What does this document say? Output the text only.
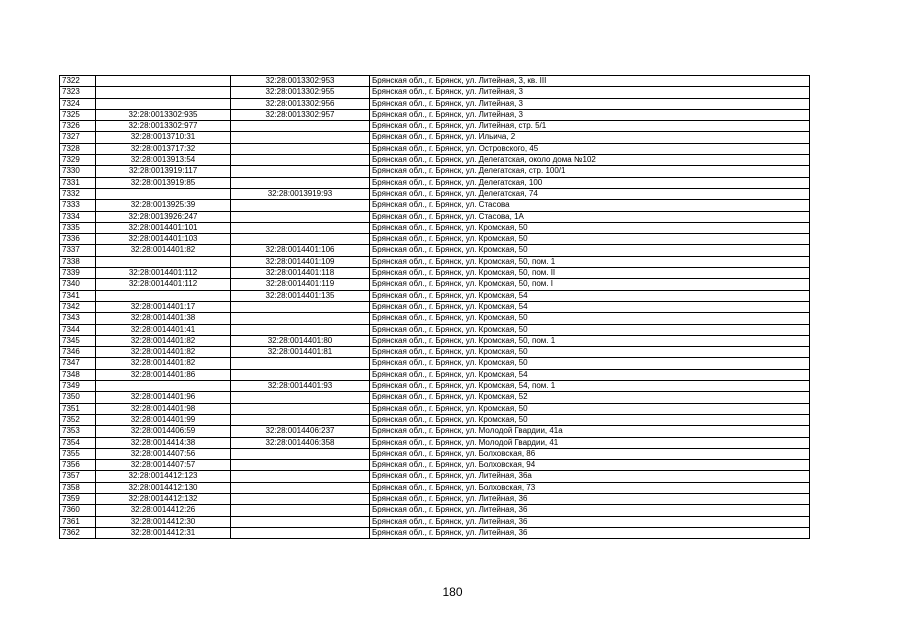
7322		32:28:0013302:953	Брянская обл., г. Брянск, ул. Литейная, 3, кв. III
7323		32:28:0013302:955	Брянская обл., г. Брянск, ул. Литейная, 3
7324		32:28:0013302:956	Брянская обл., г. Брянск, ул. Литейная, 3
7325	32:28:0013302:935	32:28:0013302:957	Брянская обл., г. Брянск, ул. Литейная, 3
7326	32:28:0013302:977		Брянская обл., г. Брянск, ул. Литейная, стр. 5/1
7327	32:28:0013710:31		Брянская обл., г. Брянск, ул. Ильича, 2
7328	32:28:0013717:32		Брянская обл., г. Брянск, ул. Островского, 45
7329	32:28:0013913:54		Брянская обл., г. Брянск, ул. Делегатская, около дома №102
7330	32:28:0013919:117		Брянская обл., г. Брянск, ул. Делегатская, стр. 100/1
7331	32:28:0013919:85		Брянская обл., г. Брянск, ул. Делегатская, 100
7332		32:28:0013919:93	Брянская обл., г. Брянск, ул. Делегатская, 74
7333	32:28:0013925:39		Брянская обл., г. Брянск, ул. Стасова
7334	32:28:0013926:247		Брянская обл., г. Брянск, ул. Стасова, 1А
7335	32:28:0014401:101		Брянская обл., г. Брянск, ул. Кромская, 50
7336	32:28:0014401:103		Брянская обл., г. Брянск, ул. Кромская, 50
7337	32:28:0014401:82	32:28:0014401:106	Брянская обл., г. Брянск, ул. Кромская, 50
7338		32:28:0014401:109	Брянская обл., г. Брянск, ул. Кромская, 50, пом. 1
7339	32:28:0014401:112	32:28:0014401:118	Брянская обл., г. Брянск, ул. Кромская, 50, пом. II
7340	32:28:0014401:112	32:28:0014401:119	Брянская обл., г. Брянск, ул. Кромская, 50, пом. I
7341		32:28:0014401:135	Брянская обл., г. Брянск, ул. Кромская, 54
7342	32:28:0014401:17		Брянская обл., г. Брянск, ул. Кромская, 54
7343	32:28:0014401:38		Брянская обл., г. Брянск, ул. Кромская, 50
7344	32:28:0014401:41		Брянская обл., г. Брянск, ул. Кромская, 50
7345	32:28:0014401:82	32:28:0014401:80	Брянская обл., г. Брянск, ул. Кромская, 50, пом. 1
7346	32:28:0014401:82	32:28:0014401:81	Брянская обл., г. Брянск, ул. Кромская, 50
7347	32:28:0014401:82		Брянская обл., г. Брянск, ул. Кромская, 50
7348	32:28:0014401:86		Брянская обл., г. Брянск, ул. Кромская, 54
7349		32:28:0014401:93	Брянская обл., г. Брянск, ул. Кромская, 54, пом. 1
7350	32:28:0014401:96		Брянская обл., г. Брянск, ул. Кромская, 52
7351	32:28:0014401:98		Брянская обл., г. Брянск, ул. Кромская, 50
7352	32:28:0014401:99		Брянская обл., г. Брянск, ул. Кромская, 50
7353	32:28:0014406:59	32:28:0014406:237	Брянская обл., г. Брянск, ул. Молодой Гвардии, 41а
7354	32:28:0014414:38	32:28:0014406:358	Брянская обл., г. Брянск, ул. Молодой Гвардии, 41
7355	32:28:0014407:56		Брянская обл., г. Брянск, ул. Болховская, 86
7356	32:28:0014407:57		Брянская обл., г. Брянск, ул. Болховская, 94
7357	32:28:0014412:123		Брянская обл., г. Брянск, ул. Литейная, 36а
7358	32:28:0014412:130		Брянская обл., г. Брянск, ул. Болховская, 73
7359	32:28:0014412:132		Брянская обл., г. Брянск, ул. Литейная, 36
7360	32:28:0014412:26		Брянская обл., г. Брянск, ул. Литейная, 36
7361	32:28:0014412:30		Брянская обл., г. Брянск, ул. Литейная, 36
7362	32:28:0014412:31		Брянская обл., г. Брянск, ул. Литейная, 36
180
